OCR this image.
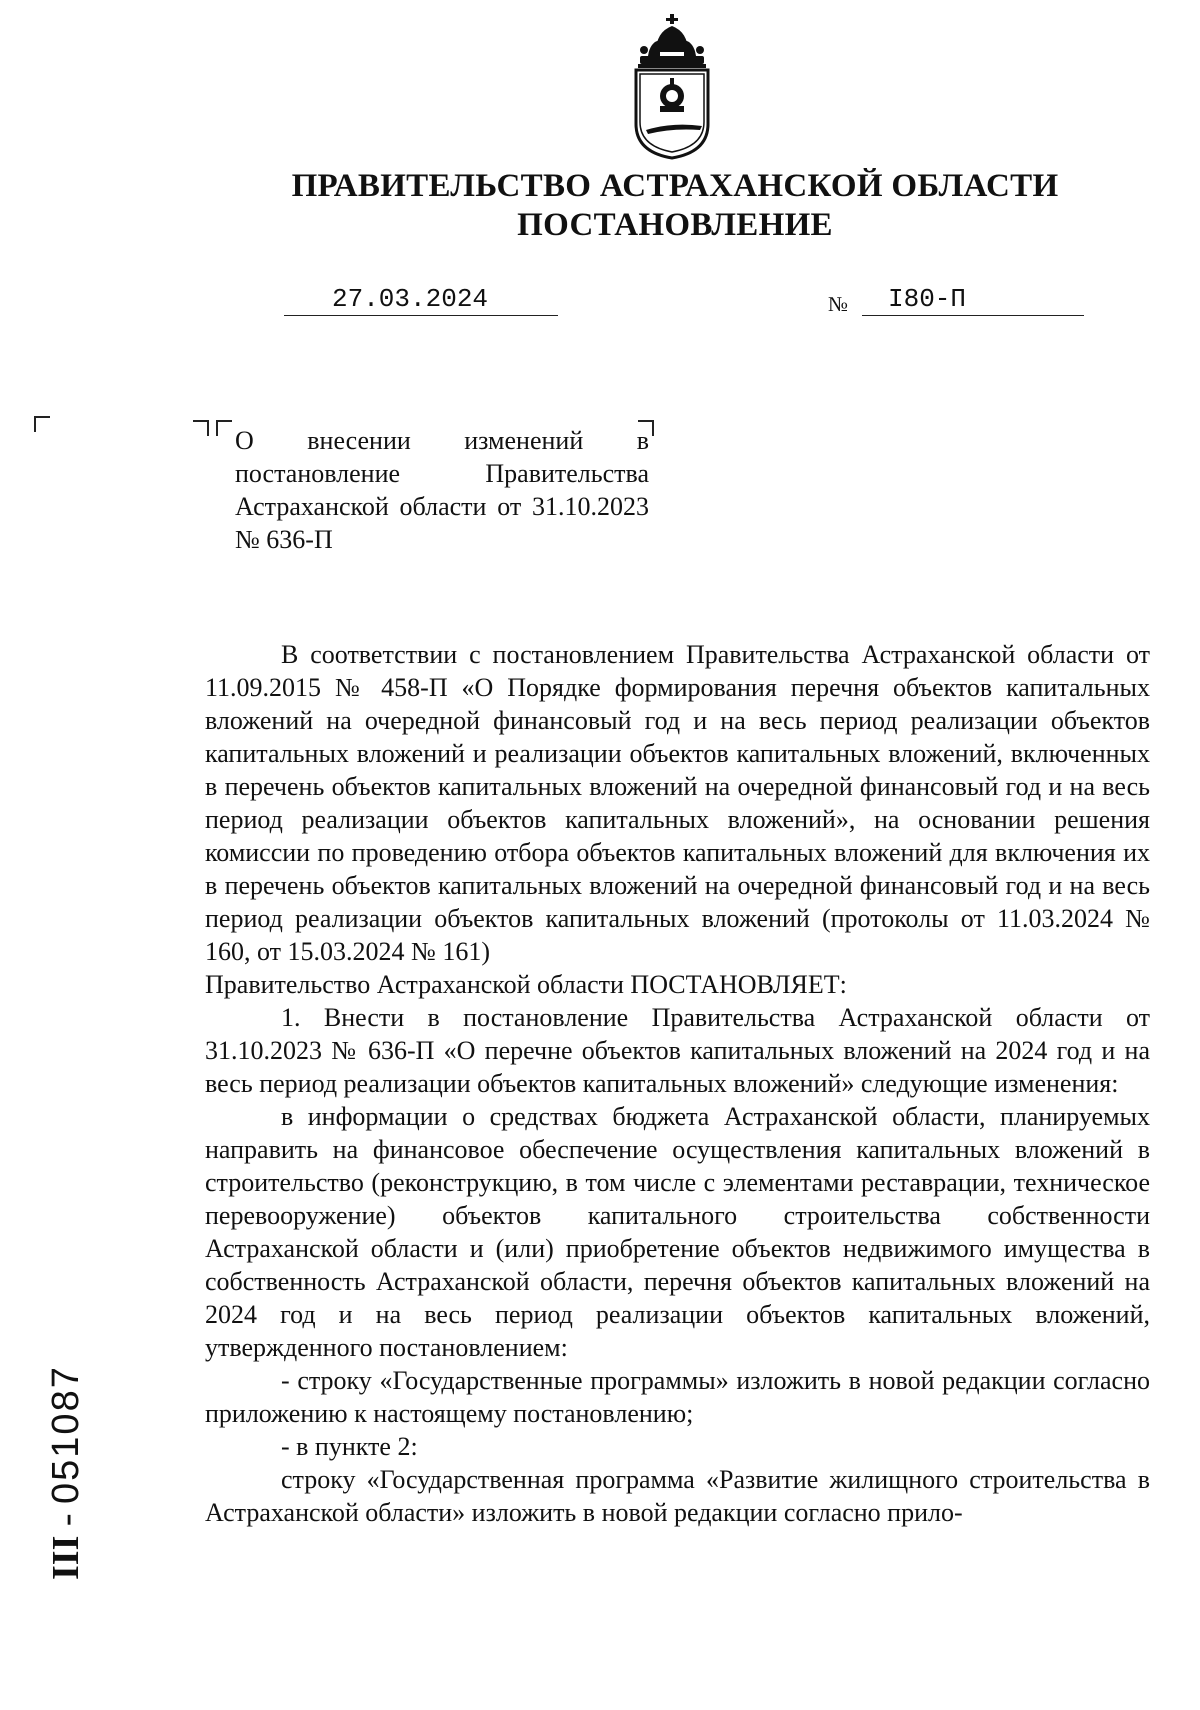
ПРАВИТЕЛЬСТВО АСТРАХАНСКОЙ ОБЛАСТИ
ПОСТАНОВЛЕНИЕ
27.03.2024	№	I80-П
О внесении изменений в постановление Правительства Астраханской области от 31.10.2023 № 636-П

В соответствии с постановлением Правительства Астраханской области от 11.09.2015 № 458-П «О Порядке формирования перечня объектов капитальных вложений на очередной финансовый год и на весь период реализации объектов капитальных вложений и реализации объектов капитальных вложений, включенных в перечень объектов капитальных вложений на очередной финансовый год и на весь период реализации объектов капитальных вложений», на основании решения комиссии по проведению отбора объектов капитальных вложений для включения их в перечень объектов капитальных вложений на очередной финансовый год и на весь период реализации объектов капитальных вложений (протоколы от 11.03.2024 № 160, от 15.03.2024 № 161)

Правительство Астраханской области ПОСТАНОВЛЯЕТ:

1. Внести в постановление Правительства Астраханской области от 31.10.2023 № 636-П «О перечне объектов капитальных вложений на 2024 год и на весь период реализации объектов капитальных вложений» следующие изменения:

в информации о средствах бюджета Астраханской области, планируемых направить на финансовое обеспечение осуществления капитальных вложений в строительство (реконструкцию, в том числе с элементами реставрации, техническое перевооружение) объектов капитального строительства собственности Астраханской области и (или) приобретение объектов недвижимого имущества в собственность Астраханской области, перечня объектов капитальных вложений на 2024 год и на весь период реализации объектов капитальных вложений, утвержденного постановлением:

- строку «Государственные программы» изложить в новой редакции согласно приложению к настоящему постановлению;

- в пункте 2:

строку «Государственная программа «Развитие жилищного строительства в Астраханской области» изложить в новой редакции согласно прило-

III - 051087
